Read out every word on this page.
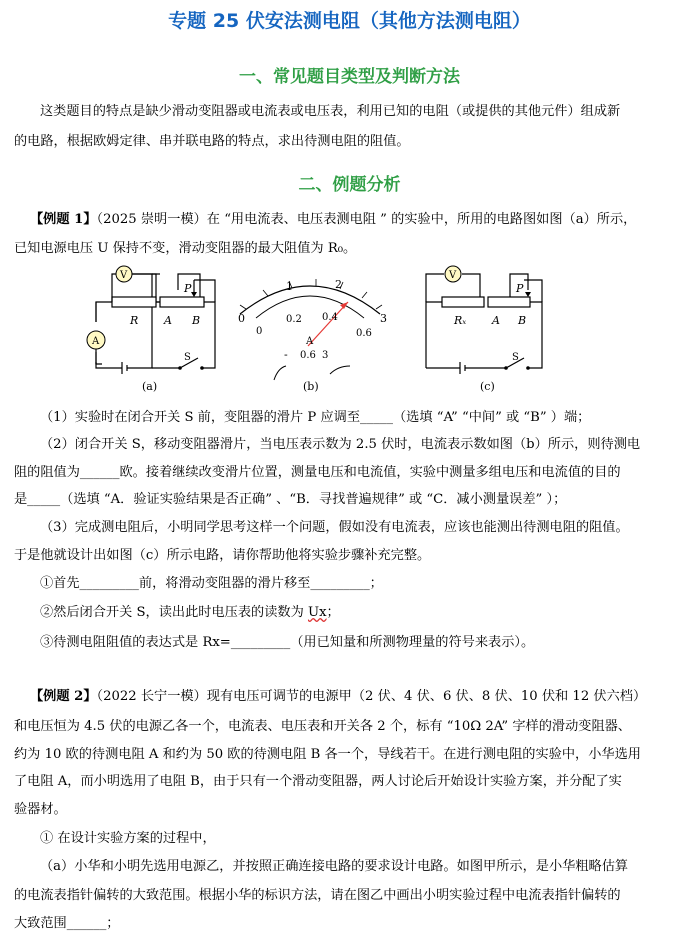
专题 25 伏安法测电阻（其他方法测电阻）
一、常见题目类型及判断方法
这类题目的特点是缺少滑动变阻器或电流表或电压表，利用已知的电阻（或提供的其他元件）组成新
的电路，根据欧姆定律、串并联电路的特点，求出待测电阻的阻值。
二、例题分析
【例题 1】（2025 崇明一模）在 “用电流表、电压表测电阻 ” 的实验中，所用的电路图如图（a）所示，
已知电源电压 U 保持不变，滑动变阻器的最大阻值为 R₀。
V
A
R A B
P
S
(a)
0
1	2
3
0
0.2 0.4
0.6
A
- 0.6 3
(b)
V
Rₓ A B
P
S
(c)
（1）实验时在闭合开关 S 前，变阻器的滑片 P 应调至_____（选填 “A” “中间” 或 “B” ）端；
（2）闭合开关 S，移动变阻器滑片，当电压表示数为 2.5 伏时，电流表示数如图（b）所示，则待测电
阻的阻值为______欧。接着继续改变滑片位置，测量电压和电流值，实验中测量多组电压和电流值的目的
是_____（选填 “A．验证实验结果是否正确” 、“B．寻找普遍规律” 或 “C．减小测量误差” ）；
（3）完成测电阻后，小明同学思考这样一个问题，假如没有电流表，应该也能测出待测电阻的阻值。
于是他就设计出如图（c）所示电路，请你帮助他将实验步骤补充完整。
①首先_________前，将滑动变阻器的滑片移至_________；
②然后闭合开关 S，读出此时电压表的读数为 Ux；
③待测电阻阻值的表达式是 Rx=_________（用已知量和所测物理量的符号来表示）。
【例题 2】（2022 长宁一模）现有电压可调节的电源甲（2 伏、4 伏、6 伏、8 伏、10 伏和 12 伏六档）
和电压恒为 4.5 伏的电源乙各一个，电流表、电压表和开关各 2 个，标有 “10Ω 2A” 字样的滑动变阻器、
约为 10 欧的待测电阻 A 和约为 50 欧的待测电阻 B 各一个，导线若干。在进行测电阻的实验中，小华选用
了电阻 A，而小明选用了电阻 B，由于只有一个滑动变阻器，两人讨论后开始设计实验方案，并分配了实
验器材。
① 在设计实验方案的过程中，
（a）小华和小明先选用电源乙，并按照正确连接电路的要求设计电路。如图甲所示，是小华粗略估算
的电流表指针偏转的大致范围。根据小华的标识方法，请在图乙中画出小明实验过程中电流表指针偏转的
大致范围______；
